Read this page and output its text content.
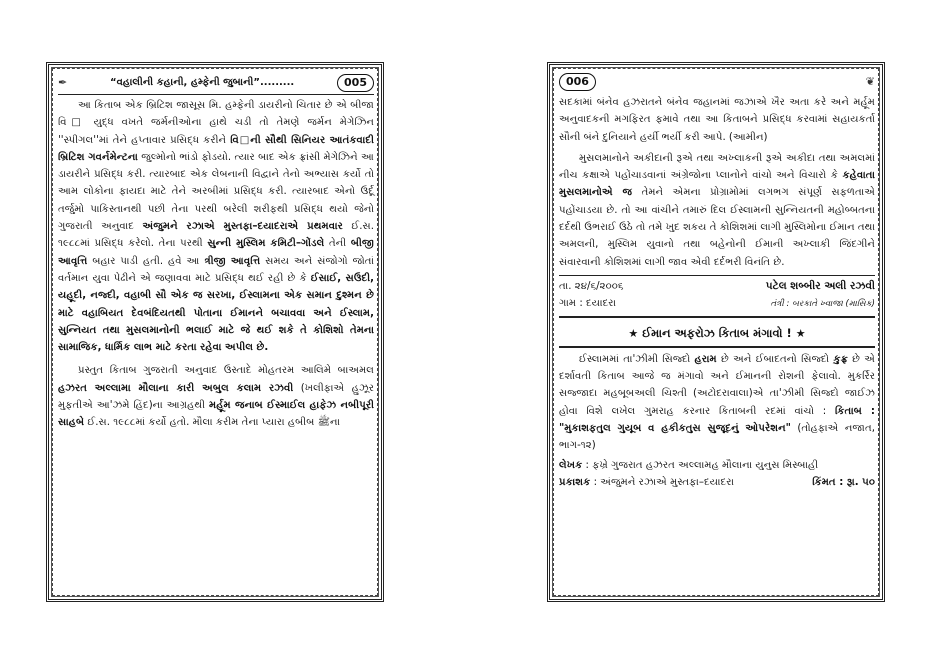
✒	“વહાલીની કહાની, હમ્ફેની જુબાની”.........	005

આ કિતાબ એક બ્રિટિશ જાસૂસ મિ. હમ્ફેની ડાયરીનો ચિતાર છે એ બીજા વિ□ યુદ્ધ વખતે જર્મનીઓના હાથે ચડી તો તેમણે જર્મન મેગેઝિન ''સ્પીગલ''માં તેને હપ્તાવાર પ્રસિદ્ધ કરીને વિ□ની સૌથી સિનિયર આતંકવાદી બ્રિટિશ ગવર્નમેન્ટના જુલ્મોનો ભાંડો ફોડયો. ત્યાર બાદ એક ફ્રાંસી મેગેઝિને આ ડાયરીને પ્રસિદ્ધ કરી. ત્યારબાદ એક લેબનાની વિદ્વાને તેનો અભ્યાસ કર્યો તો આમ લોકોના ફાયદા માટે તેને અરબીમાં પ્રસિદ્ધ કરી. ત્યારબાદ એનો ઉર્દૂ તર્જુમો પાકિસ્તાનથી પછી તેના પરથી બરેલી શરીફથી પ્રસિદ્ધ થયો જેનો ગુજરાતી અનુવાદ અંજુમને રઝાએ મુસ્તફા–દયાદરાએ પ્રથમવાર ઈ.સ. ૧૯૮૮માં પ્રસિદ્ધ કરેલો. તેના પરથી સુન્ની મુસ્લિમ કમિટી–ગોંડલે તેની બીજી આવૃત્તિ બહાર પાડી હતી. હવે આ ત્રીજી આવૃત્તિ સમય અને સંજોગો જોતાં વર્તમાન યુવા પેઢીને એ જણાવવા માટે પ્રસિદ્ધ થઈ રહી છે કે ઈસાઈ, સઉદી, યહૂદી, નજ્દી, વહાબી સૌ એક જ સરખા, ઈસ્લામના એક સમાન દુશ્મન છે માટે વહાબિયત દેવબંદિયતથી પોતાના ઈમાનને બચાવવા અને ઈસ્લામ, સુન્નિયત તથા મુસલમાનોની ભલાઈ માટે જે થઈ શકે તે કોશિશો તેમના સામાજિક, ધાર્મિક લાભ માટે કરતા રહેવા અપીલ છે.

પ્રસ્તુત કિતાબ ગુજરાતી અનુવાદ ઉસ્તાદે મોહતરમ આલિમે બાઅમલ હઝરત અલ્લામા મૌલાના કારી અબુલ કલામ રઝવી (ખલીફાએ હુઝૂર મુફતીએ આ'ઝમે હિંદ)ના આગ્રહથી મર્હૂમ જનાબ ઈસ્માઈલ હાફેઝ નબીપૂરી સાહબે ઈ.સ. ૧૯૮૮માં કર્યો હતો. મૌલા કરીમ તેના પ્યારા હબીબ ﷺના

006	❦

સદકામાં બંનેવ હઝરાતને બંનેવ જહાનમાં જઝાએ ખૈર અતા કરે અને મર્હૂમ અનુવાદકની મગફિરત ફમાવે તથા આ કિતાબને પ્રસિદ્ધ કરવામાં સહાયકર્તા સૌની બંને દુનિયાને હર્યી ભર્યી કરી આપે. (આમીન)

મુસલમાનોને અકીદાની રૂએ તથા અખ્લાકની રૂએ અકીદા તથા અમલમાં નીચ કક્ષાએ પહોંચાડવાનાં અંગ્રેજોના પ્લાનોને વાંચો અને વિચારો કે કહેવાતા મુસલમાનોએ જ તેમને એમના પ્રોગ્રામોમાં લગભગ સંપૂર્ણ સફળતાએ પહોંચાડયા છે. તો આ વાંચીને તમારું દિલ ઈસ્લામની સુન્નિયતની મહોબ્બતના દર્દથી ઉભરાઈ ઉઠે તો તમે ખુદ શકય તે કોશિશમાં લાગી મુસ્લિમોના ઈમાન તથા અમલની, મુસ્લિમ યુવાનો તથા બહેનોની ઈમાની અખ્લાકી જિંદગીને સંવારવાની કોશિશમાં લાગી જાવ એવી દર્દભરી વિનંતિ છે.

તા. ૨૪/૬/૨૦૦૬	પટેલ શબ્બીર અલી રઝવી
ગામ : દયાદરા	તંત્રી : બરકાતે ખ્વાજા (માસિક)
★ ઈમાન અફરોઝ કિતાબ મંગાવો ! ★

ઈસ્લામમાં તા'ઝીમી સિજ્દો હરામ છે અને ઈબાદતનો સિજ્દો કુફ્ર છે એ દર્શાવતી કિતાબ આજે જ મંગાવો અને ઈમાનની રોશની ફેલાવો. મુકર્રિર સજ્જાદા મહબૂબઅલી ચિશ્તી (અટોદરાવાલા)એ તા'ઝીમી સિજ્દો જાઈઝ હોવા વિશે લખેલ ગુમરાહ કરનાર કિતાબની રદમાં વાંચો : કિતાબ : "મુકાશફતુલ ગુયૂબ વ હકીકતુસ સુજૂદનું ઓપરેશન" (તોહફાએ નજાત, ભાગ-૧૨)

લેખક : ફખ્રે ગુજરાત હઝરત અલ્લામહ મૌલાના યુનુસ મિસ્બાહી

પ્રકાશક : અંજુમને રઝાએ મુસ્તફા–દયાદરા	કિંમત : રૂા. ૫૦
